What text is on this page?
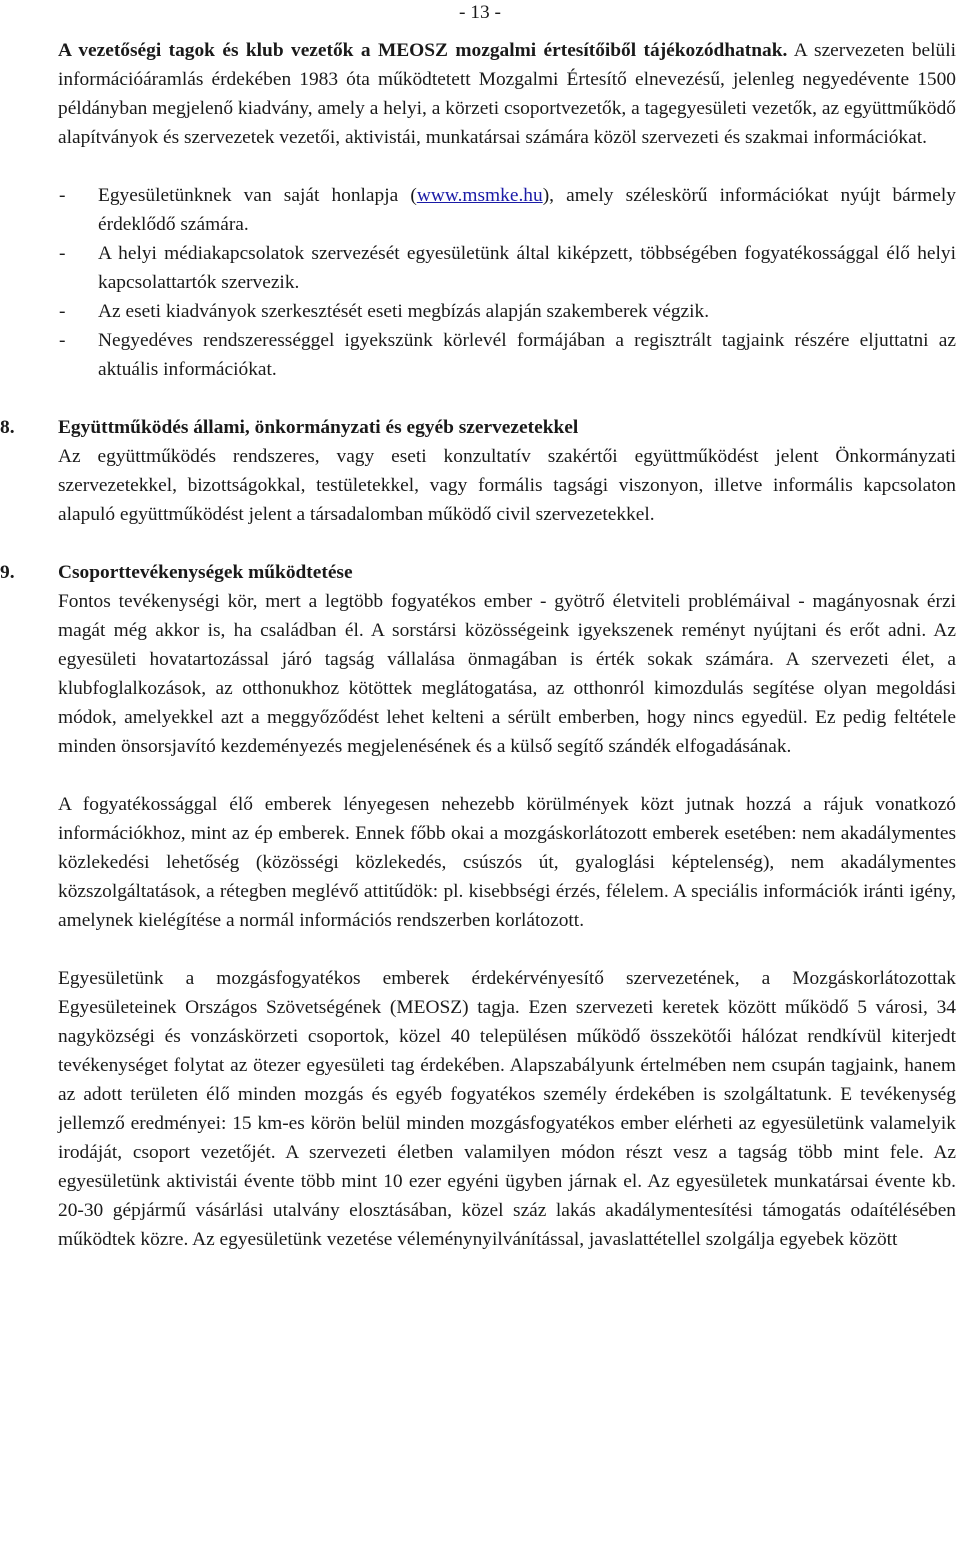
- 13 -

A vezetőségi tagok és klub vezetők a MEOSZ mozgalmi értesítőiből tájékozódhatnak. A szervezeten belüli információáramlás érdekében 1983 óta működtetett Mozgalmi Értesítő elnevezésű, jelenleg negyedévente 1500 példányban megjelenő kiadvány, amely a helyi, a körzeti csoportvezetők, a tagegyesületi vezetők, az együttműködő alapítványok és szervezetek vezetői, aktivistái, munkatársai számára közöl szervezeti és szakmai információkat.

- Egyesületünknek van saját honlapja (www.msmke.hu), amely széleskörű információkat nyújt bármely érdeklődő számára.
- A helyi médiakapcsolatok szervezését egyesületünk által kiképzett, többségében fogyatékossággal élő helyi kapcsolattartók szervezik.
- Az eseti kiadványok szerkesztését eseti megbízás alapján szakemberek végzik.
- Negyedéves rendszerességgel igyekszünk körlevél formájában a regisztrált tagjaink részére eljuttatni az aktuális információkat.
8.	Együttműködés állami, önkormányzati és egyéb szervezetekkel

Az együttműködés rendszeres, vagy eseti konzultatív szakértői együttműködést jelent Önkormányzati szervezetekkel, bizottságokkal, testületekkel, vagy formális tagsági viszonyon, illetve informális kapcsolaton alapuló együttműködést jelent a társadalomban működő civil szervezetekkel.

9.	Csoporttevékenységek működtetése

Fontos tevékenységi kör, mert a legtöbb fogyatékos ember - gyötrő életviteli problémáival - magányosnak érzi magát még akkor is, ha családban él. A sorstársi közösségeink igyekszenek reményt nyújtani és erőt adni. Az egyesületi hovatartozással járó tagság vállalása önmagában is érték sokak számára. A szervezeti élet, a klubfoglalkozások, az otthonukhoz kötöttek meglátogatása, az otthonról kimozdulás segítése olyan megoldási módok, amelyekkel azt a meggyőződést lehet kelteni a sérült emberben, hogy nincs egyedül. Ez pedig feltétele minden önsorsjavító kezdeményezés megjelenésének és a külső segítő szándék elfogadásának.

A fogyatékossággal élő emberek lényegesen nehezebb körülmények közt jutnak hozzá a rájuk vonatkozó információkhoz, mint az ép emberek. Ennek főbb okai a mozgáskorlátozott emberek esetében: nem akadálymentes közlekedési lehetőség (közösségi közlekedés, csúszós út, gyaloglási képtelenség), nem akadálymentes közszolgáltatások, a rétegben meglévő attitűdök: pl. kisebbségi érzés, félelem. A speciális információk iránti igény, amelynek kielégítése a normál információs rendszerben korlátozott.

Egyesületünk a mozgásfogyatékos emberek érdekérvényesítő szervezetének, a Mozgáskorlátozottak Egyesületeinek Országos Szövetségének (MEOSZ) tagja. Ezen szervezeti keretek között működő 5 városi, 34 nagyközségi és vonzáskörzeti csoportok, közel 40 településen működő összekötői hálózat rendkívül kiterjedt tevékenységet folytat az ötezer egyesületi tag érdekében. Alapszabályunk értelmében nem csupán tagjaink, hanem az adott területen élő minden mozgás és egyéb fogyatékos személy érdekében is szolgáltatunk. E tevékenység jellemző eredményei: 15 km-es körön belül minden mozgásfogyatékos ember elérheti az egyesületünk valamelyik irodáját, csoport vezetőjét. A szervezeti életben valamilyen módon részt vesz a tagság több mint fele. Az egyesületünk aktivistái évente több mint 10 ezer egyéni ügyben járnak el. Az egyesületek munkatársai évente kb. 20-30 gépjármű vásárlási utalvány elosztásában, közel száz lakás akadálymentesítési támogatás odaítélésében működtek közre. Az egyesületünk vezetése véleménynyilvánítással, javaslattétellel szolgálja egyebek között
